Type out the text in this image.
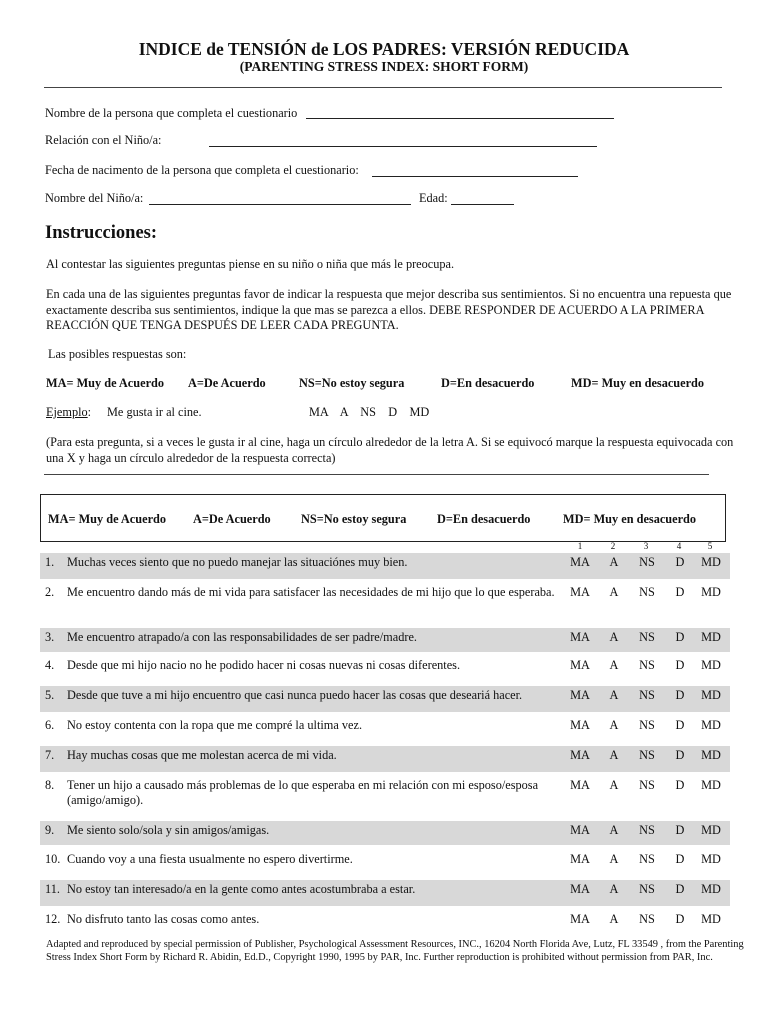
INDICE de TENSIÓN de LOS PADRES: VERSIÓN REDUCIDA
(PARENTING STRESS INDEX: SHORT FORM)
Nombre de la persona que completa el cuestionario
Relación con el Niño/a:
Fecha de nacimento de la persona que completa el cuestionario:
Nombre del Niño/a:	Edad:
Instrucciones:
Al contestar las siguientes preguntas piense en su niño o niña que más le preocupa.
En cada una de las siguientes preguntas favor de indicar la respuesta que mejor describa sus sentimientos. Si no encuentra una repuesta que exactamente describa sus sentimientos, indique la que mas se parezca a ellos. DEBE RESPONDER DE ACUERDO A LA PRIMERA REACCIÓN QUE TENGA DESPUÉS DE LEER CADA PREGUNTA.
Las posibles respuestas son:
MA= Muy de Acuerdo A=De Acuerdo	NS=No estoy segura	D=En desacuerdo	MD= Muy en desacuerdo
Ejemplo: Me gusta ir al cine.	MA    A    NS    D    MD
(Para esta pregunta, si a veces le gusta ir al cine, haga un círculo alrededor de la letra A. Si se equivocó marque la respuesta equivocada con una X y haga un círculo alrededor de la respuesta correcta)
MA= Muy de Acuerdo A=De Acuerdo NS=No estoy segura D=En desacuerdo	MD= Muy en desacuerdo
1	2	3	4	5
1. Muchas veces siento que no puedo manejar las situaciónes muy bien.	MA	A	NS	D	MD
2. Me encuentro dando más de mi vida para satisfacer las necesidades de mi hijo que lo que esperaba.	MA	A	NS	D	MD
3. Me encuentro atrapado/a con las responsabilidades de ser padre/madre.	MA	A	NS	D	MD
4. Desde que mi hijo nacio no he podido hacer ni cosas nuevas ni cosas diferentes.	MA	A	NS	D	MD
5. Desde que tuve a mi hijo encuentro que casi nunca puedo hacer las cosas que deseariá hacer.	MA	A	NS	D	MD
6. No estoy contenta con la ropa que me compré la ultima vez.	MA	A	NS	D	MD
7. Hay muchas cosas que me molestan acerca de mi vida.	MA	A	NS	D	MD
8. Tener un hijo a causado más problemas de lo que esperaba en mi relación con mi esposo/esposa (amigo/amigo).
MA	A	NS	D	MD
9. Me siento solo/sola y sin amigos/amigas.	MA	A	NS	D	MD
10. Cuando voy a una fiesta usualmente no espero divertirme.	MA	A	NS	D	MD
11. No estoy tan interesado/a en la gente como antes acostumbraba a estar.	MA	A	NS	D	MD
12. No disfruto tanto las cosas como antes.	MA	A	NS	D	MD
Adapted and reproduced by special permission of Publisher, Psychological Assessment Resources, INC., 16204 North Florida Ave, Lutz, FL 33549 , from the Parenting Stress Index Short Form by Richard R. Abidin, Ed.D., Copyright 1990, 1995 by PAR, Inc. Further reproduction is prohibited without permission from PAR, Inc.
